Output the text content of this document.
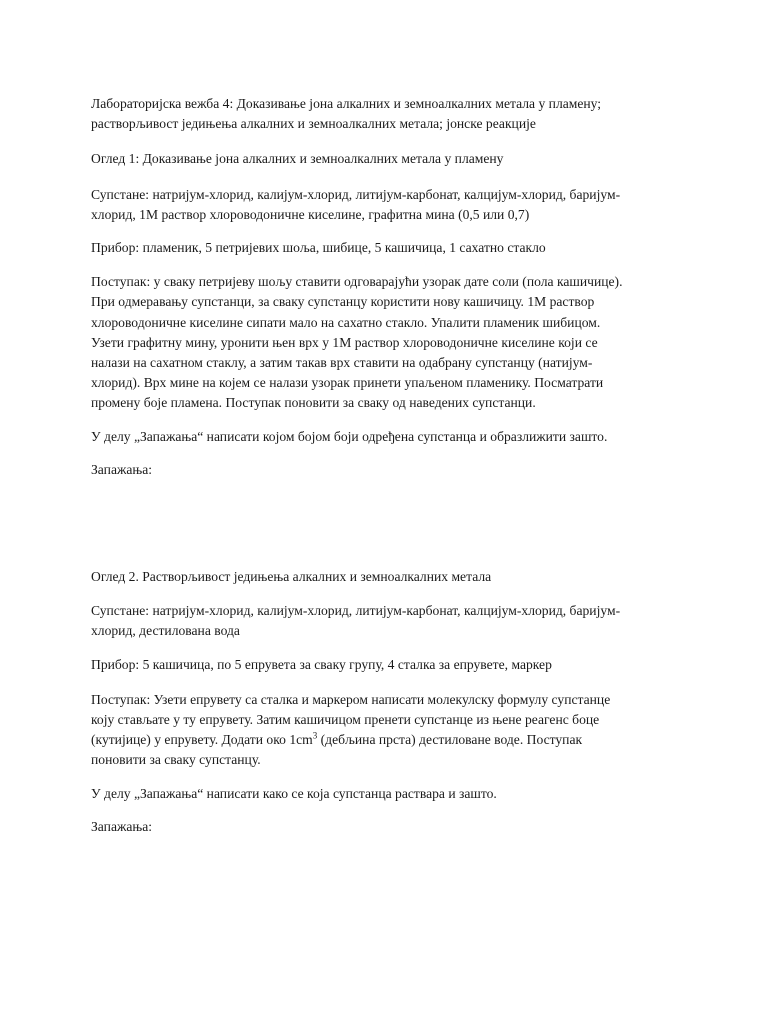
Лабораторијска вежба 4: Доказивање јона алкалних и земноалкалних метала у пламену;
растворљивост једињења алкалних и земноалкалних метала; јонске реакције

Оглед 1: Доказивање јона алкалних и земноалкалних метала у пламену

Супстане: натријум-хлорид, калијум-хлорид, литијум-карбонат, калцијум-хлорид, баријум-
хлорид, 1М раствор хлороводоничне киселине, графитна мина (0,5 или 0,7)

Прибор: пламеник, 5 петријевих шоља, шибице, 5 кашичица, 1 сахатно стакло

Поступак: у сваку петријеву шољу ставити одговарајући узорак дате соли (пола кашичице).
При одмеравању супстанци, за сваку супстанцу користити нову кашичицу. 1М раствор
хлороводоничне киселине сипати мало на сахатно стакло. Упалити пламеник шибицом.
Узети графитну мину, уронити њен врх у 1М раствор хлороводоничне киселине који се
налази на сахатном стаклу, а затим такав врх ставити на одабрану супстанцу (натијум-
хлорид). Врх мине на којем се налази узорак принети упаљеном пламенику. Посматрати
промену боје пламена. Поступак поновити за сваку од наведених супстанци.

У делу „Запажања“ написати којом бојом боји одређена супстанца и образлижити зашто.

Запажања:

Оглед 2. Растворљивост једињења алкалних и земноалкалних метала

Супстане: натријум-хлорид, калијум-хлорид, литијум-карбонат, калцијум-хлорид, баријум-
хлорид, дестилована вода

Прибор: 5 кашичица, по 5 епрувета за сваку групу, 4 сталка за епрувете, маркер

Поступак: Узети епрувету са сталка и маркером написати молекулску формулу супстанце
коју стављате у ту епрувету. Затим кашичицом пренети супстанце из њене реагенс боце
(кутијице) у епрувету. Додати око $1cm^3$ (дебљина прста) дестиловане воде. Поступак
поновити за сваку супстанцу.

У делу „Запажања“ написати како се која супстанца раствара и зашто.

Запажања:
